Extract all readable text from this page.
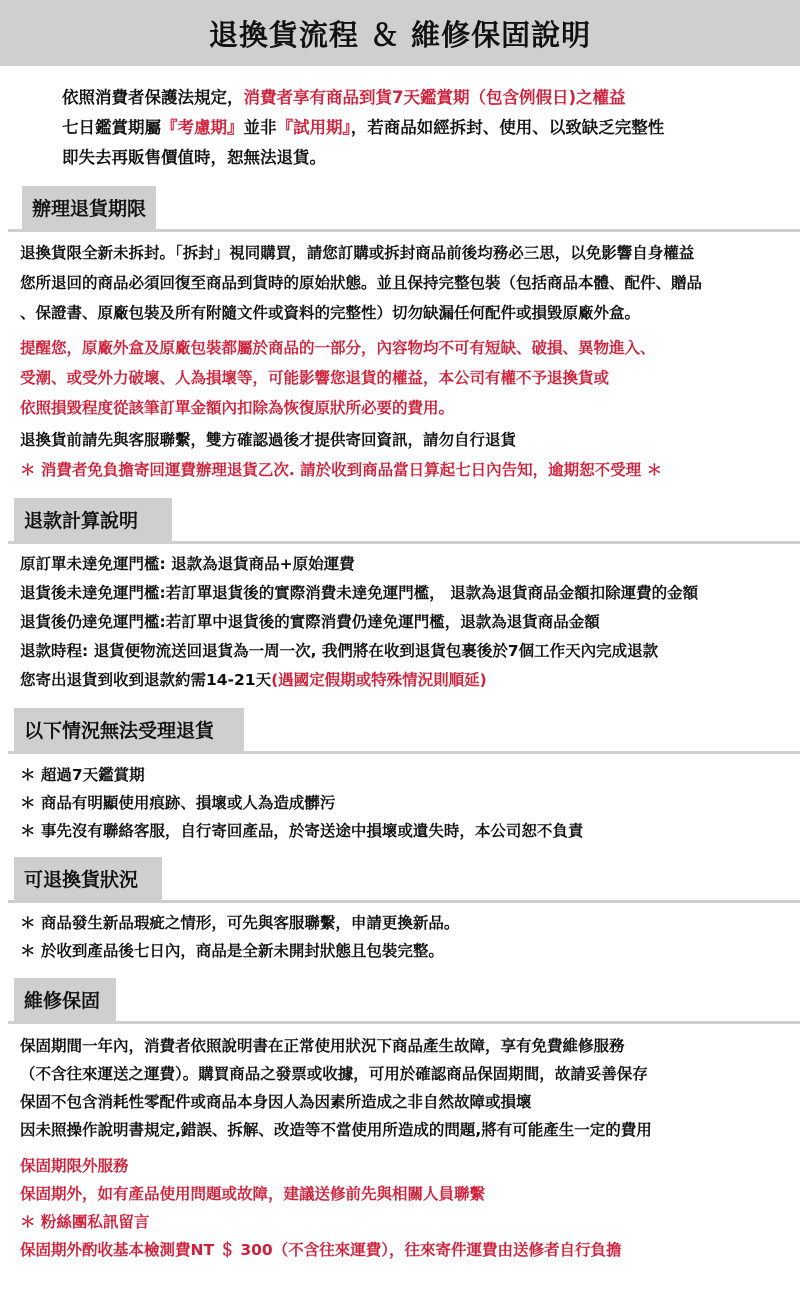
退換貨流程 ＆ 維修保固說明
依照消費者保護法規定，消費者享有商品到貨7天鑑賞期（包含例假日)之權益
七日鑑賞期屬『考慮期』並非『試用期』，若商品如經拆封、使用、以致缺乏完整性
即失去再販售價值時，恕無法退貨。
辦理退貨期限
退換貨限全新未拆封。「拆封」視同購買，請您訂購或拆封商品前後均務必三思，以免影響自身權益
您所退回的商品必須回復至商品到貨時的原始狀態。並且保持完整包裝（包括商品本體、配件、贈品
、保證書、原廠包裝及所有附隨文件或資料的完整性）切勿缺漏任何配件或損毀原廠外盒。
提醒您，原廠外盒及原廠包裝都屬於商品的一部分，內容物均不可有短缺、破損、異物進入、
受潮、或受外力破壞、人為損壞等，可能影響您退貨的權益，本公司有權不予退換貨或
依照損毀程度從該筆訂單金額內扣除為恢復原狀所必要的費用。
退換貨前請先與客服聯繫，雙方確認過後才提供寄回資訊，請勿自行退貨
＊ 消費者免負擔寄回運費辦理退貨乙次. 請於收到商品當日算起七日內告知，逾期恕不受理 ＊
退款計算說明
原訂單未達免運門檻: 退款為退貨商品+原始運費
退貨後未達免運門檻:若訂單退貨後的實際消費未達免運門檻， 退款為退貨商品金額扣除運費的金額
退貨後仍達免運門檻:若訂單中退貨後的實際消費仍達免運門檻，退款為退貨商品金額
退款時程: 退貨便物流送回退貨為一周一次, 我們將在收到退貨包裹後於7個工作天內完成退款
您寄出退貨到收到退款約需14-21天(遇國定假期或特殊情況則順延)
以下情況無法受理退貨
＊ 超過7天鑑賞期
＊ 商品有明顯使用痕跡、損壞或人為造成髒污
＊ 事先沒有聯絡客服，自行寄回產品，於寄送途中損壞或遺失時，本公司恕不負責
可退換貨狀況
＊ 商品發生新品瑕疵之情形，可先與客服聯繫，申請更換新品。
＊ 於收到產品後七日內，商品是全新未開封狀態且包裝完整。
維修保固
保固期間一年內，消費者依照說明書在正常使用狀況下商品產生故障，享有免費維修服務
（不含往來運送之運費）。購買商品之發票或收據，可用於確認商品保固期間，故請妥善保存
保固不包含消耗性零配件或商品本身因人為因素所造成之非自然故障或損壞
因未照操作說明書規定,錯誤、拆解、改造等不當使用所造成的問題,將有可能產生一定的費用
保固期限外服務
保固期外，如有產品使用問題或故障，建議送修前先與相關人員聯繫
＊ 粉絲團私訊留言
保固期外酌收基本檢測費NT ＄ 300（不含往來運費），往來寄件運費由送修者自行負擔
